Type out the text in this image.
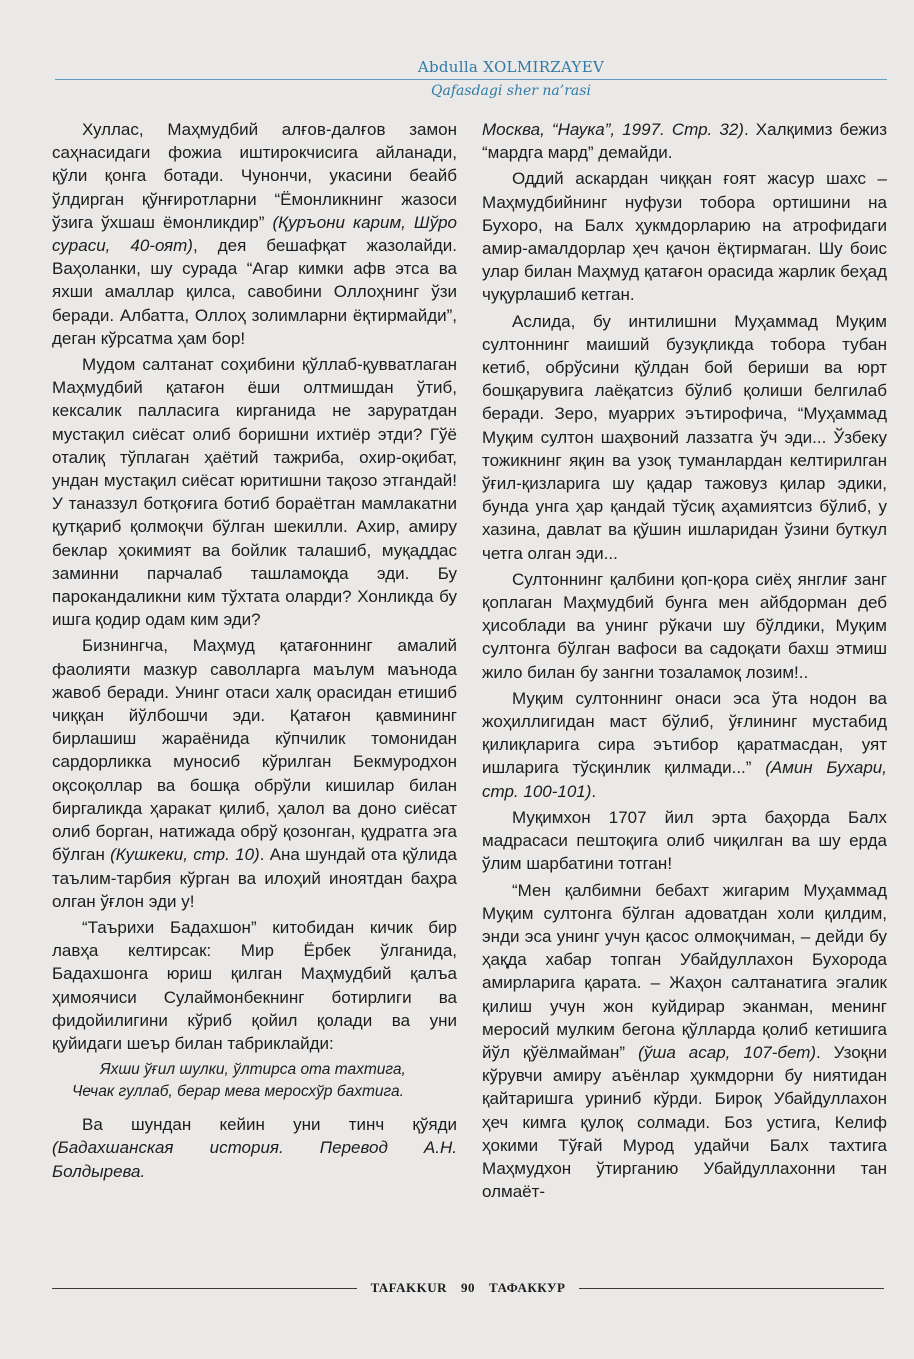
Abdulla XOLMIRZAYEV
Qafasdagi sher na’rasi

Хуллас, Маҳмудбий алғов-далғов замон саҳнасидаги фожиа иштирокчисига айланади, қўли қонга ботади. Чунончи, укасини беайб ўлдирган қўнғиротларни “Ёмонликнинг жазоси ўзига ўхшаш ёмонликдир” (Қуръони карим, Шўро сураси, 40-оят), дея бешафқат жазолайди. Ваҳоланки, шу сурада “Агар кимки афв этса ва яхши амаллар қилса, савобини Оллоҳнинг ўзи беради. Албатта, Оллоҳ золимларни ёқтирмайди”, деган кўрсатма ҳам бор!

Мудом салтанат соҳибини қўллаб-қувватлаган Маҳмудбий қатағон ёши олтмишдан ўтиб, кексалик палласига кирганида не заруратдан мустақил сиёсат олиб боришни ихтиёр этди? Гўё оталиқ тўплаган ҳаётий тажриба, охир-оқибат, ундан мустақил сиёсат юритишни тақозо этгандай! У таназзул ботқоғига ботиб бораётган мамлакатни қутқариб қолмоқчи бўлган шекилли. Ахир, амиру беклар ҳокимият ва бойлик талашиб, муқаддас заминни парчалаб ташламоқда эди. Бу парокандаликни ким тўхтата оларди? Хонликда бу ишга қодир одам ким эди?

Бизнингча, Маҳмуд қатағоннинг амалий фаолияти мазкур саволларга маълум маънода жавоб беради. Унинг отаси халқ орасидан етишиб чиққан йўлбошчи эди. Қатағон қавмининг бирлашиш жараёнида кўпчилик томонидан сардорликка муносиб кўрилган Бекмуродхон оқсоқоллар ва бошқа обрўли кишилар билан биргаликда ҳаракат қилиб, ҳалол ва доно сиёсат олиб борган, натижада обрў қозонган, қудратга эга бўлган (Кушкеки, стр. 10). Ана шундай ота қўлида таълим-тарбия кўрган ва илоҳий иноятдан баҳра олган ўғлон эди у!

“Таърихи Бадахшон” китобидан кичик бир лавҳа келтирсак: Мир Ёрбек ўлганида, Бадахшонга юриш қилган Маҳмудбий қалъа ҳимоячиси Сулаймонбекнинг ботирлиги ва фидойилигини кўриб қойил қолади ва уни қуйидаги шеър билан табриклайди:

Яхши ўғил шулки, ўлтирса ота тахтига,
Чечак гуллаб, берар мева меросхўр бахтига.

Ва шундан кейин уни тинч қўяди (Бадахшанская история. Перевод А.Н. Болдырева.

Москва, “Наука”, 1997. Стр. 32). Халқимиз бежиз “мардга мард” демайди.

Оддий аскардан чиққан ғоят жасур шахс – Маҳмудбийнинг нуфузи тобора ортишини на Бухоро, на Балх ҳукмдорларию на атрофидаги амир-амалдорлар ҳеч қачон ёқтирмаган. Шу боис улар билан Маҳмуд қатағон орасида жарлик беҳад чуқурлашиб кетган.

Аслида, бу интилишни Муҳаммад Муқим султоннинг маиший бузуқликда тобора тубан кетиб, обрўсини қўлдан бой бериши ва юрт бошқарувига лаёқатсиз бўлиб қолиши белгилаб беради. Зеро, муаррих эътирофича, “Муҳаммад Муқим султон шаҳвоний лаззатга ўч эди... Ўзбеку тожикнинг яқин ва узоқ туманлардан келтирилган ўғил-қизларига шу қадар тажовуз қилар эдики, бунда унга ҳар қандай тўсиқ аҳамиятсиз бўлиб, у хазина, давлат ва қўшин ишларидан ўзини буткул четга олган эди...

Султоннинг қалбини қоп-қора сиёҳ янглиғ занг қоплаган Маҳмудбий бунга мен айбдорман деб ҳисоблади ва унинг рўкачи шу бўлдики, Муқим султонга бўлган вафоси ва садоқати бахш этмиш жило билан бу зангни тозаламоқ лозим!..

Муқим султоннинг онаси эса ўта нодон ва жоҳиллигидан маст бўлиб, ўғлининг мустабид қилиқларига сира эътибор қаратмасдан, уят ишларига тўсқинлик қилмади...” (Амин Бухари, стр. 100-101).

Муқимхон 1707 йил эрта баҳорда Балх мадрасаси пештоқига олиб чиқилган ва шу ерда ўлим шарбатини тотган!

“Мен қалбимни бебахт жигарим Муҳаммад Муқим султонга бўлган адоватдан холи қилдим, энди эса унинг учун қасос олмоқчиман, – дейди бу ҳақда хабар топган Убайдуллахон Бухорода амирларига қарата. – Жаҳон салтанатига эгалик қилиш учун жон куйдирар эканман, менинг меросий мулким бегона қўлларда қолиб кетишига йўл қўёлмайман” (ўша асар, 107-бет). Узоқни кўрувчи амиру аъёнлар ҳукмдорни бу ниятидан қайтаришга уриниб кўрди. Бироқ Убайдуллахон ҳеч кимга қулоқ солмади. Боз устига, Келиф ҳокими Тўғай Мурод удайчи Балх тахтига Маҳмудхон ўтирганию Убайдуллахонни тан олмаёт-

TAFAKKUR 90 ТАФАККУР
